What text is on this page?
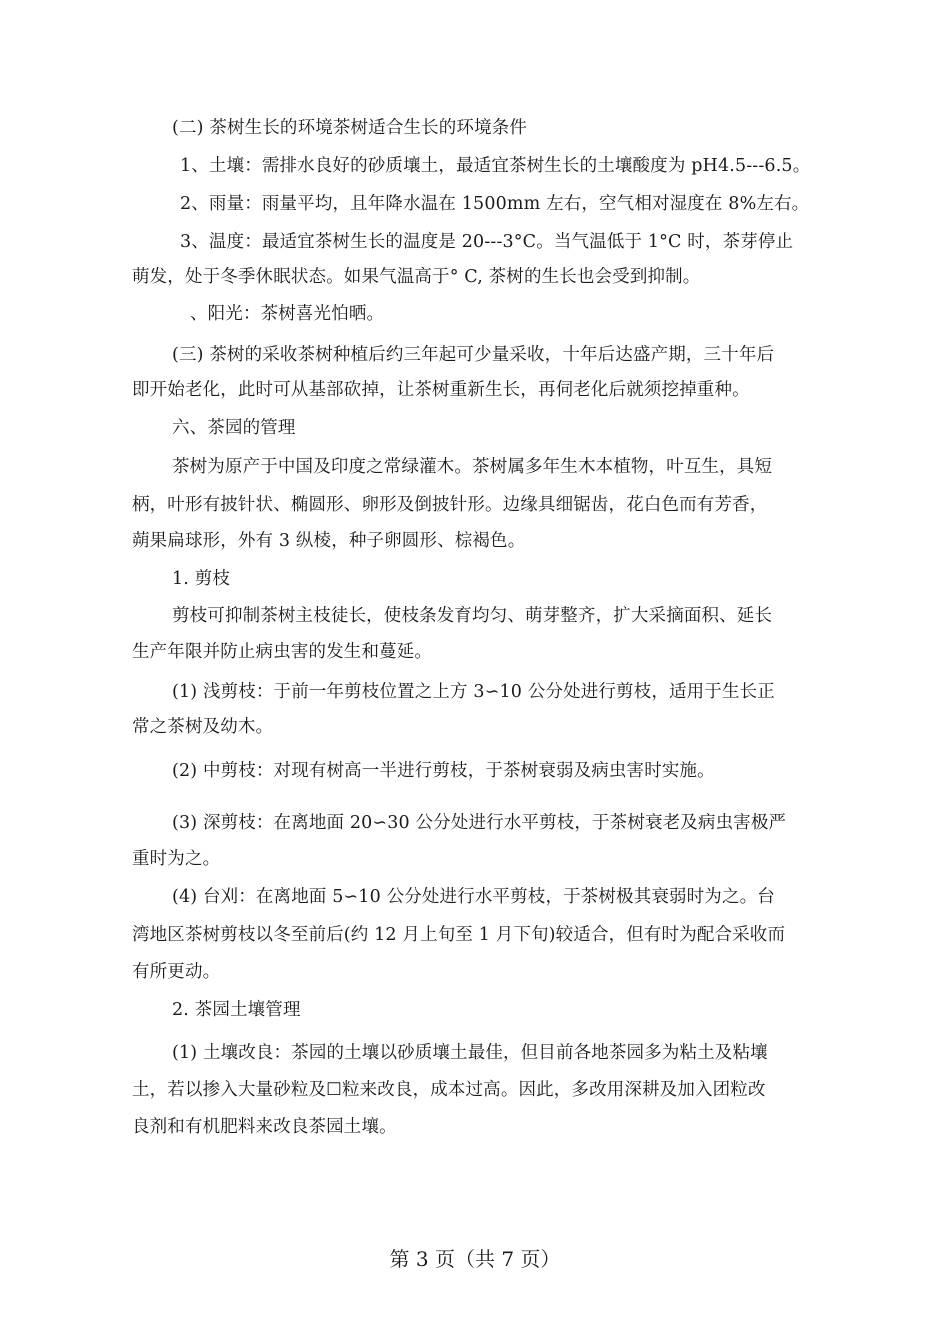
(二) 茶树生长的环境茶树适合生长的环境条件
1、土壤：需排水良好的砂质壤土，最适宜茶树生长的土壤酸度为 pH4.5---6.5。
2、雨量：雨量平均，且年降水温在 1500mm 左右，空气相对湿度在 8%左右。
3、温度：最适宜茶树生长的温度是 20---3°C。当气温低于 1°C 时，茶芽停止
萌发，处于冬季休眠状态。如果气温高于° C, 茶树的生长也会受到抑制。
、阳光：茶树喜光怕晒。
(三) 茶树的采收茶树种植后约三年起可少量采收，十年后达盛产期，三十年后
即开始老化，此时可从基部砍掉，让茶树重新生长，再伺老化后就须挖掉重种。
六、茶园的管理
茶树为原产于中国及印度之常绿灌木。茶树属多年生木本植物，叶互生，具短
柄，叶形有披针状、椭圆形、卵形及倒披针形。边缘具细锯齿，花白色而有芳香，
蒴果扁球形，外有 3 纵棱，种子卵圆形、棕褐色。
1. 剪枝
剪枝可抑制茶树主枝徒长，使枝条发育均匀、萌芽整齐，扩大采摘面积、延长
生产年限并防止病虫害的发生和蔓延。
(1) 浅剪枝：于前一年剪枝位置之上方 3∽10 公分处进行剪枝，适用于生长正
常之茶树及幼木。
(2) 中剪枝：对现有树高一半进行剪枝，于茶树衰弱及病虫害时实施。
(3) 深剪枝：在离地面 20∽30 公分处进行水平剪枝，于茶树衰老及病虫害极严
重时为之。
(4) 台刈：在离地面 5∽10 公分处进行水平剪枝，于茶树极其衰弱时为之。台
湾地区茶树剪枝以冬至前后(约 12 月上旬至 1 月下旬)较适合，但有时为配合采收而
有所更动。
2. 茶园土壤管理
(1) 土壤改良：茶园的土壤以砂质壤土最佳，但目前各地茶园多为粘土及粘壤
土，若以掺入大量砂粒及☐粒来改良，成本过高。因此，多改用深耕及加入团粒改
良剂和有机肥料来改良茶园土壤。
第 3 页（共 7 页）
